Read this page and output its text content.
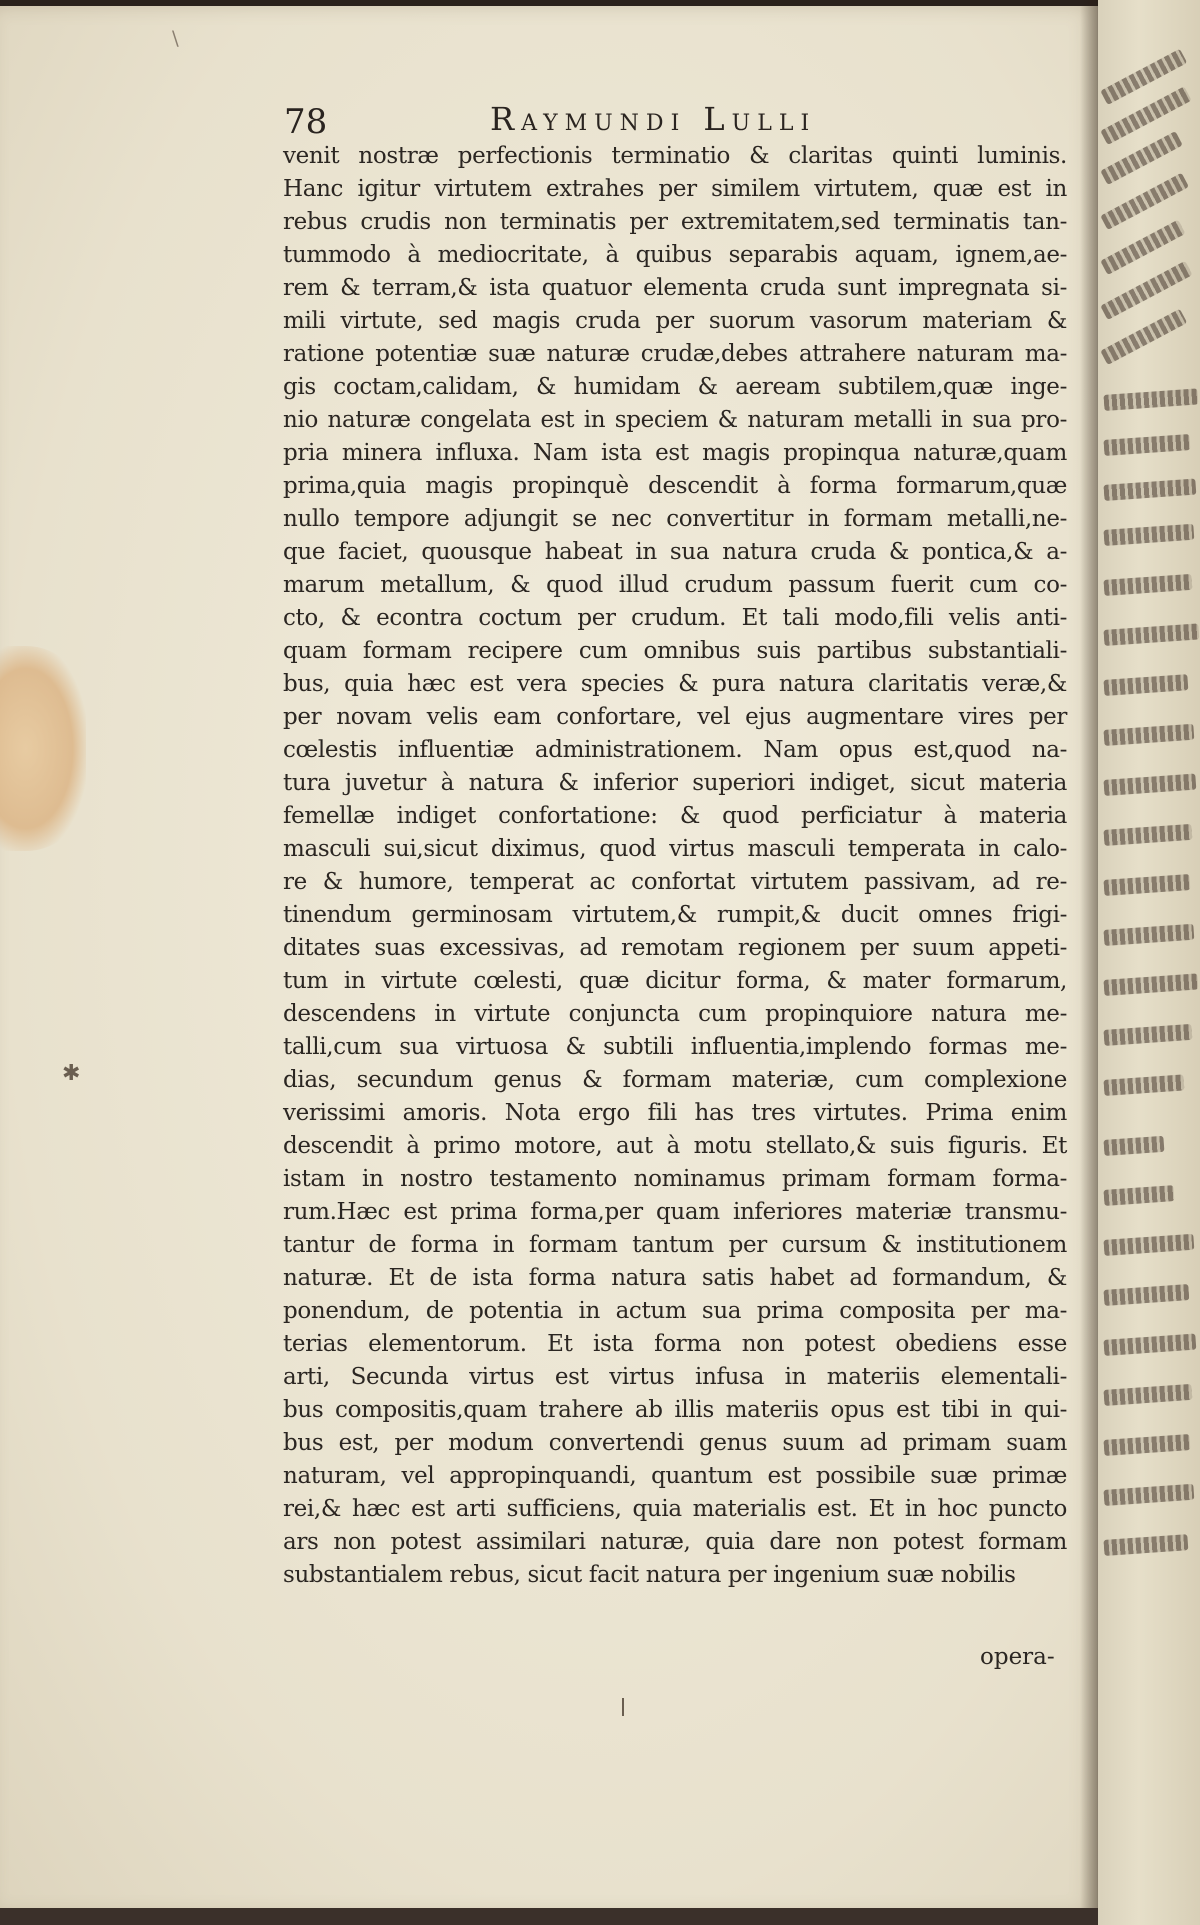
\
78	Raymundi Lulli
venit nostræ perfectionis terminatio & claritas quinti luminis.
Hanc igitur virtutem extrahes per similem virtutem, quæ est in
rebus crudis non terminatis per extremitatem,sed terminatis tan-
tummodo à mediocritate, à quibus separabis aquam, ignem,ae-
rem & terram,& ista quatuor elementa cruda sunt impregnata si-
mili virtute, sed magis cruda per suorum vasorum materiam &
ratione potentiæ suæ naturæ crudæ,debes attrahere naturam ma-
gis coctam,calidam, & humidam & aeream subtilem,quæ inge-
nio naturæ congelata est in speciem & naturam metalli in sua pro-
pria minera influxa. Nam ista est magis propinqua naturæ,quam
prima,quia magis propinquè descendit à forma formarum,quæ
nullo tempore adjungit se nec convertitur in formam metalli,ne-
que faciet, quousque habeat in sua natura cruda & pontica,& a-
marum metallum, & quod illud crudum passum fuerit cum co-
cto, & econtra coctum per crudum. Et tali modo,fili velis anti-
quam formam recipere cum omnibus suis partibus substantiali-
bus, quia hæc est vera species & pura natura claritatis veræ,&
per novam velis eam confortare, vel ejus augmentare vires per
cœlestis influentiæ administrationem. Nam opus est,quod na-
tura juvetur à natura & inferior superiori indiget, sicut materia
femellæ indiget confortatione: & quod perficiatur à materia
masculi sui,sicut diximus, quod virtus masculi temperata in calo-
re & humore, temperat ac confortat virtutem passivam, ad re-
tinendum germinosam virtutem,& rumpit,& ducit omnes frigi-
ditates suas excessivas, ad remotam regionem per suum appeti-
tum in virtute cœlesti, quæ dicitur forma, & mater formarum,
descendens in virtute conjuncta cum propinquiore natura me-
talli,cum sua virtuosa & subtili influentia,implendo formas me-
dias, secundum genus & formam materiæ, cum complexione
verissimi amoris. Nota ergo fili has tres virtutes. Prima enim
descendit à primo motore, aut à motu stellato,& suis figuris. Et
istam in nostro testamento nominamus primam formam forma-
rum.Hæc est prima forma,per quam inferiores materiæ transmu-
tantur de forma in formam tantum per cursum & institutionem
naturæ. Et de ista forma natura satis habet ad formandum, &
ponendum, de potentia in actum sua prima composita per ma-
terias elementorum. Et ista forma non potest obediens esse
arti, Secunda virtus est virtus infusa in materiis elementali-
bus compositis,quam trahere ab illis materiis opus est tibi in qui-
bus est, per modum convertendi genus suum ad primam suam
naturam, vel appropinquandi, quantum est possibile suæ primæ
rei,& hæc est arti sufficiens, quia materialis est. Et in hoc puncto
ars non potest assimilari naturæ, quia dare non potest formam
substantialem rebus, sicut facit natura per ingenium suæ nobilis
opera-
✱
